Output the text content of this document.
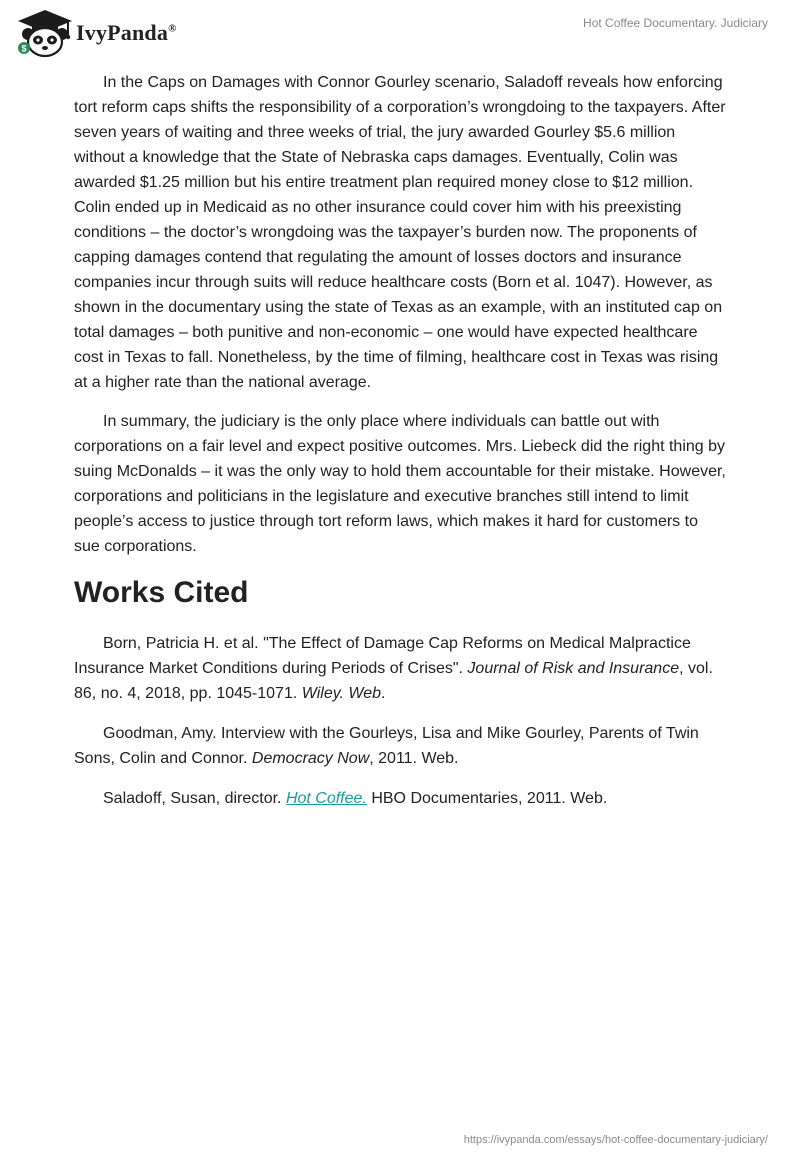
$
IvyPanda®	Hot Coffee Documentary. Judiciary

In the Caps on Damages with Connor Gourley scenario, Saladoff reveals how enforcing tort reform caps shifts the responsibility of a corporation’s wrongdoing to the taxpayers. After seven years of waiting and three weeks of trial, the jury awarded Gourley $5.6 million without a knowledge that the State of Nebraska caps damages. Eventually, Colin was awarded $1.25 million but his entire treatment plan required money close to $12 million. Colin ended up in Medicaid as no other insurance could cover him with his preexisting conditions – the doctor’s wrongdoing was the taxpayer’s burden now. The proponents of capping damages contend that regulating the amount of losses doctors and insurance companies incur through suits will reduce healthcare costs (Born et al. 1047). However, as shown in the documentary using the state of Texas as an example, with an instituted cap on total damages – both punitive and non-economic – one would have expected healthcare cost in Texas to fall. Nonetheless, by the time of filming, healthcare cost in Texas was rising at a higher rate than the national average.

In summary, the judiciary is the only place where individuals can battle out with corporations on a fair level and expect positive outcomes. Mrs. Liebeck did the right thing by suing McDonalds – it was the only way to hold them accountable for their mistake. However, corporations and politicians in the legislature and executive branches still intend to limit people’s access to justice through tort reform laws, which makes it hard for customers to sue corporations.

Works Cited

Born, Patricia H. et al. "The Effect of Damage Cap Reforms on Medical Malpractice Insurance Market Conditions during Periods of Crises". Journal of Risk and Insurance, vol. 86, no. 4, 2018, pp. 1045-1071. Wiley. Web.

Goodman, Amy. Interview with the Gourleys, Lisa and Mike Gourley, Parents of Twin Sons, Colin and Connor. Democracy Now, 2011. Web.

Saladoff, Susan, director. Hot Coffee. HBO Documentaries, 2011. Web.

https://ivypanda.com/essays/hot-coffee-documentary-judiciary/
